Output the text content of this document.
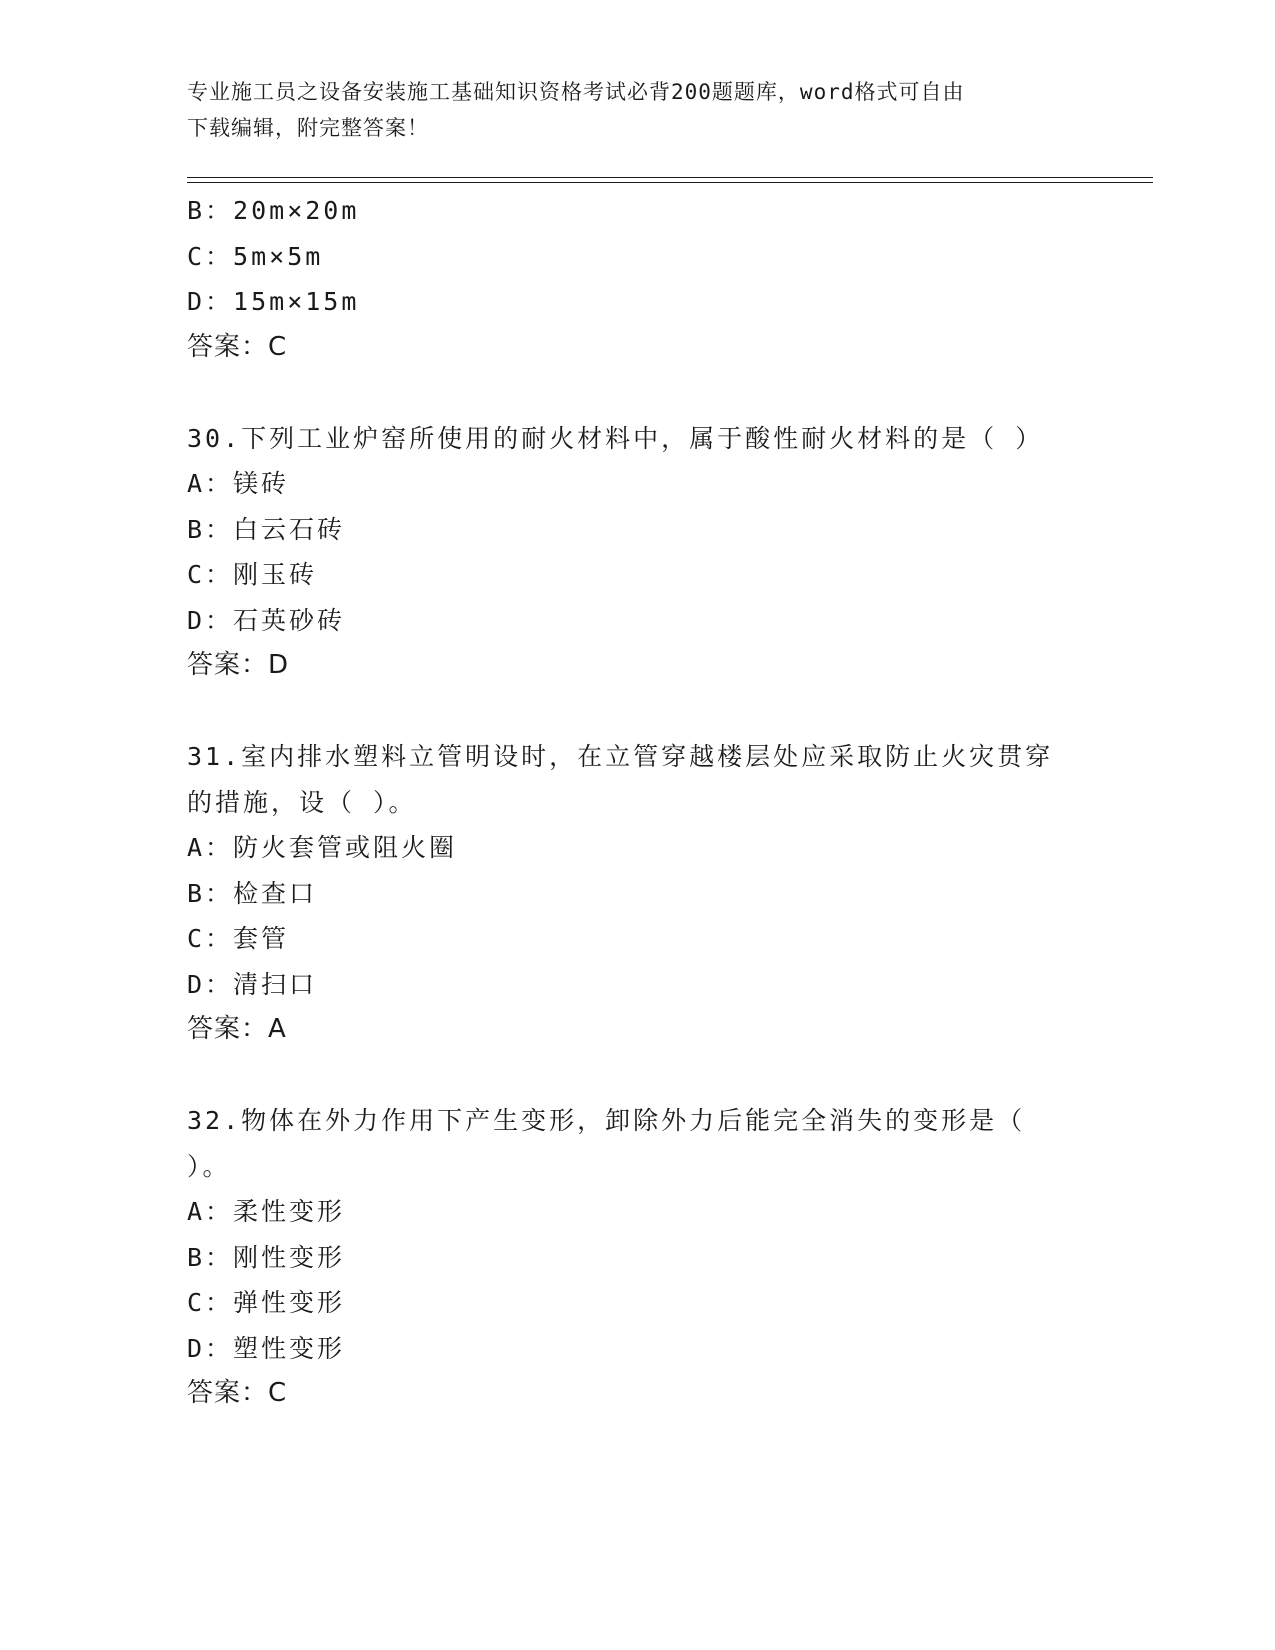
专业施工员之设备安装施工基础知识资格考试必背200题题库，word格式可自由
下载编辑，附完整答案！
B：20m×20m
C：5m×5m
D：15m×15m
答案：C
30.下列工业炉窑所使用的耐火材料中，属于酸性耐火材料的是（ ）
A：镁砖
B：白云石砖
C：刚玉砖
D：石英砂砖
答案：D
31.室内排水塑料立管明设时，在立管穿越楼层处应采取防止火灾贯穿
的措施，设（ ）。
A：防火套管或阻火圈
B：检查口
C：套管
D：清扫口
答案：A
32.物体在外力作用下产生变形，卸除外力后能完全消失的变形是（
）。
A：柔性变形
B：刚性变形
C：弹性变形
D：塑性变形
答案：C
